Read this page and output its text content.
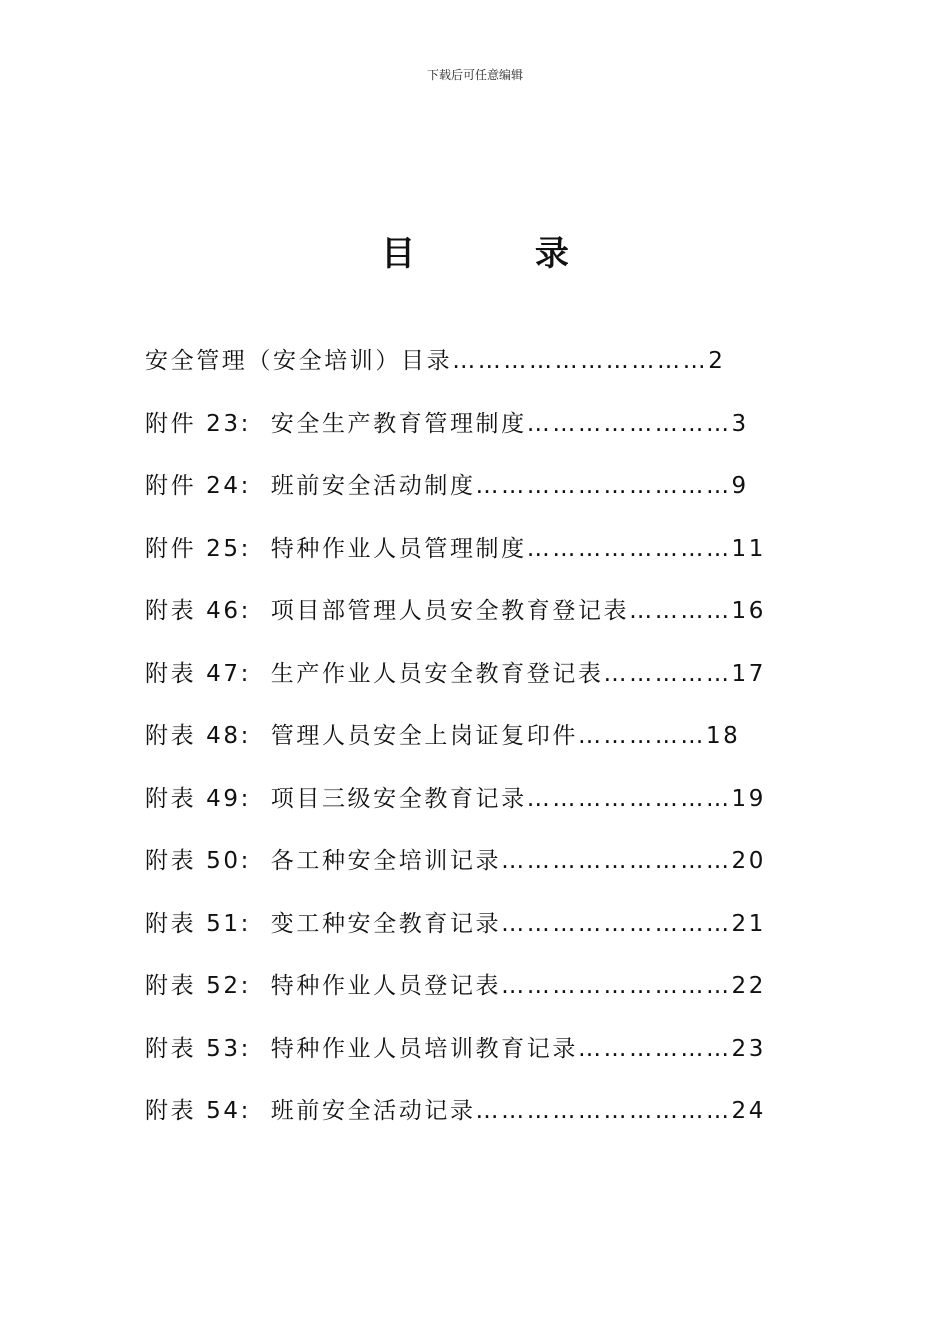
下载后可任意编辑
目 录
安全管理（安全培训）目录…………………………2
附件 23:  安全生产教育管理制度……………………3
附件 24:  班前安全活动制度…………………………9
附件 25:  特种作业人员管理制度……………………11
附表 46:  项目部管理人员安全教育登记表…………16
附表 47:  生产作业人员安全教育登记表……………17
附表 48:  管理人员安全上岗证复印件……………18
附表 49:  项目三级安全教育记录……………………19
附表 50:  各工种安全培训记录………………………20
附表 51:  变工种安全教育记录………………………21
附表 52:  特种作业人员登记表………………………22
附表 53:  特种作业人员培训教育记录………………23
附表 54:  班前安全活动记录…………………………24
